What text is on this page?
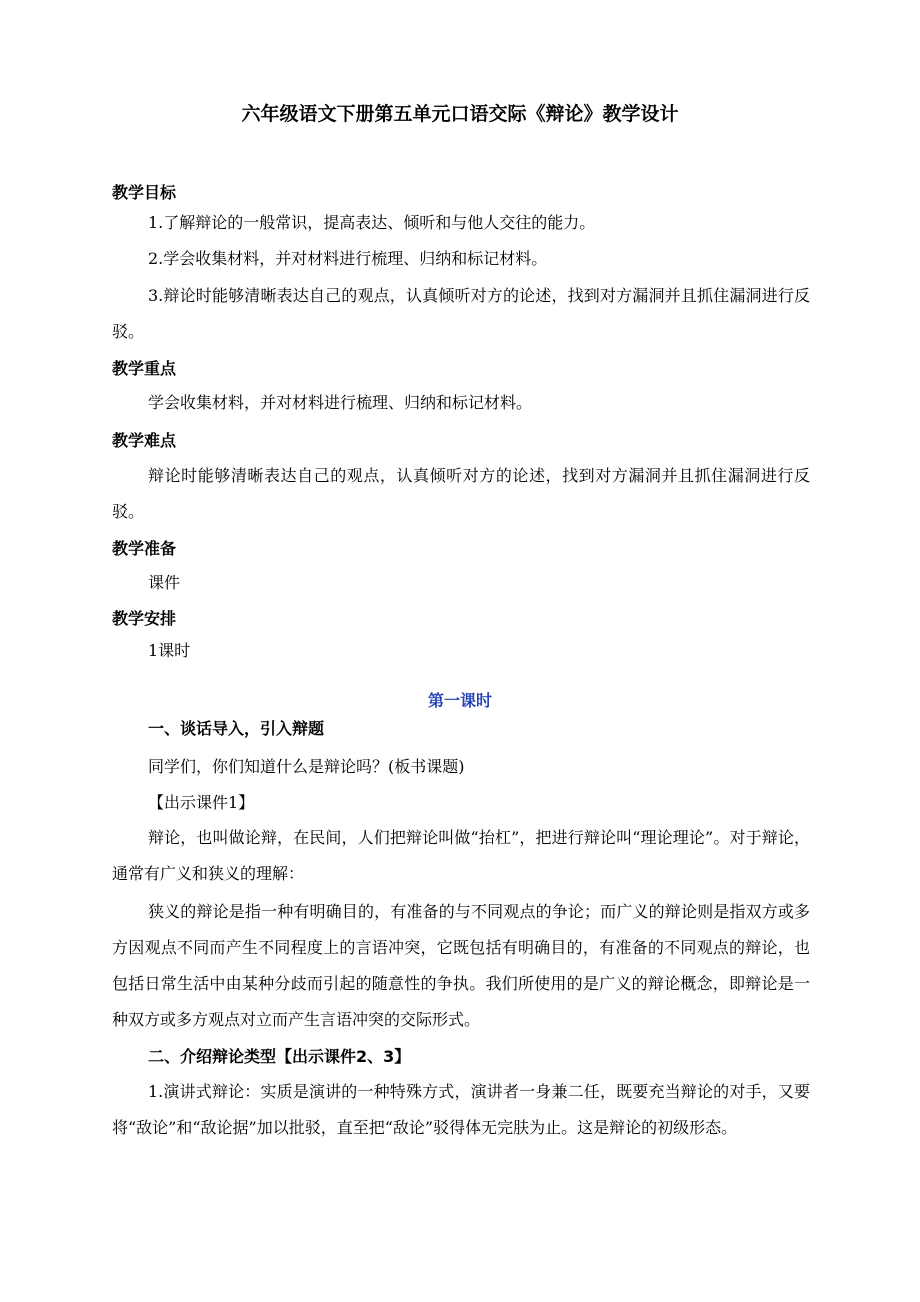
六年级语文下册第五单元口语交际《辩论》教学设计
教学目标
1.了解辩论的一般常识，提高表达、倾听和与他人交往的能力。
2.学会收集材料，并对材料进行梳理、归纳和标记材料。
3.辩论时能够清晰表达自己的观点，认真倾听对方的论述，找到对方漏洞并且抓住漏洞进行反驳。
教学重点
学会收集材料，并对材料进行梳理、归纳和标记材料。
教学难点
辩论时能够清晰表达自己的观点，认真倾听对方的论述，找到对方漏洞并且抓住漏洞进行反驳。
教学准备
课件
教学安排
1课时
第一课时
一、谈话导入，引入辩题
同学们，你们知道什么是辩论吗？(板书课题)
【出示课件1】
辩论，也叫做论辩，在民间，人们把辩论叫做“抬杠”，把进行辩论叫“理论理论”。对于辩论，通常有广义和狭义的理解：
狭义的辩论是指一种有明确目的，有准备的与不同观点的争论；而广义的辩论则是指双方或多方因观点不同而产生不同程度上的言语冲突，它既包括有明确目的，有准备的不同观点的辩论，也包括日常生活中由某种分歧而引起的随意性的争执。我们所使用的是广义的辩论概念，即辩论是一种双方或多方观点对立而产生言语冲突的交际形式。
二、介绍辩论类型【出示课件2、3】
1.演讲式辩论：实质是演讲的一种特殊方式，演讲者一身兼二任，既要充当辩论的对手，又要将“敌论”和“敌论据”加以批驳，直至把“敌论”驳得体无完肤为止。这是辩论的初级形态。
